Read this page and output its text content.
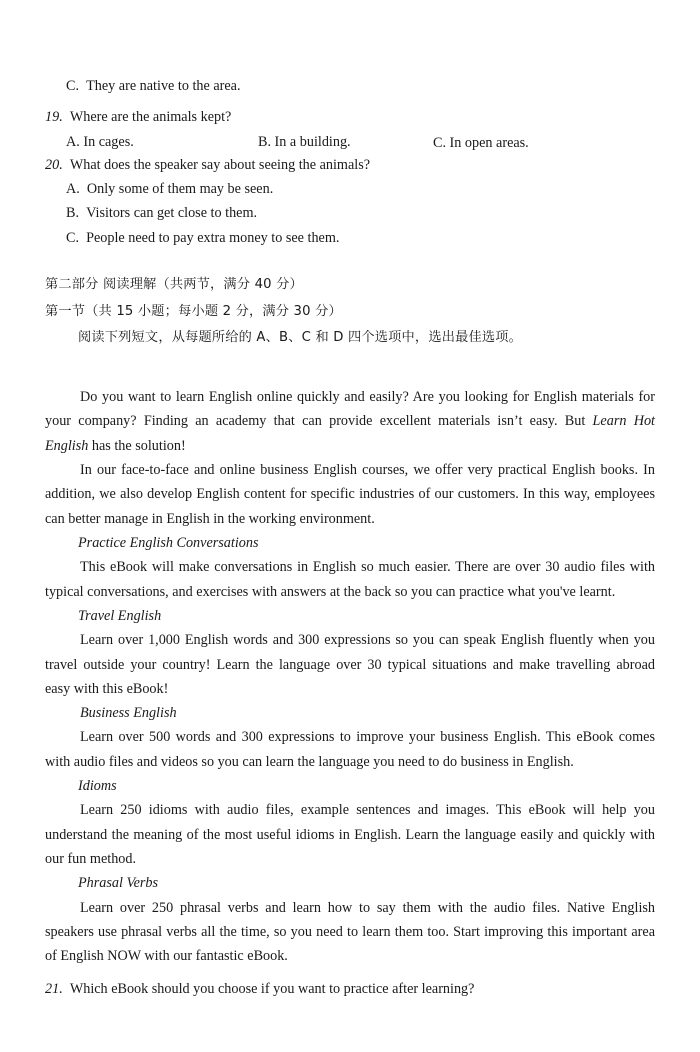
C.  They are native to the area.
19. Where are the animals kept?
A. In cages.	B. In a building.	C. In open areas.
20. What does the speaker say about seeing the animals?
A.  Only some of them may be seen.
B.  Visitors can get close to them.
C.  People need to pay extra money to see them.
第二部分 阅读理解（共两节，满分 40 分）
第一节（共 15 小题；每小题 2 分，满分 30 分）
阅读下列短文，从每题所给的 A、B、C 和 D 四个选项中，选出最佳选项。
Do you want to learn English online quickly and easily? Are you looking for English materials for
your company? Finding an academy that can provide excellent materials isn’t easy. But Learn Hot
English has the solution!
In our face-to-face and online business English courses, we offer very practical English books. In
addition, we also develop English content for specific industries of our customers. In this way, employees
can better manage in English in the working environment.
Practice English Conversations
This eBook will make conversations in English so much easier. There are over 30 audio files with
typical conversations, and exercises with answers at the back so you can practice what you've learnt.
Travel English
Learn over 1,000 English words and 300 expressions so you can speak English fluently when you
travel outside your country! Learn the language over 30 typical situations and make travelling abroad
easy with this eBook!
Business English
Learn over 500 words and 300 expressions to improve your business English. This eBook comes
with audio files and videos so you can learn the language you need to do business in English.
Idioms
Learn 250 idioms with audio files, example sentences and images. This eBook will help you
understand the meaning of the most useful idioms in English. Learn the language easily and quickly with
our fun method.
Phrasal Verbs
Learn over 250 phrasal verbs and learn how to say them with the audio files. Native English
speakers use phrasal verbs all the time, so you need to learn them too. Start improving this important area
of English NOW with our fantastic eBook.
21. Which eBook should you choose if you want to practice after learning?
